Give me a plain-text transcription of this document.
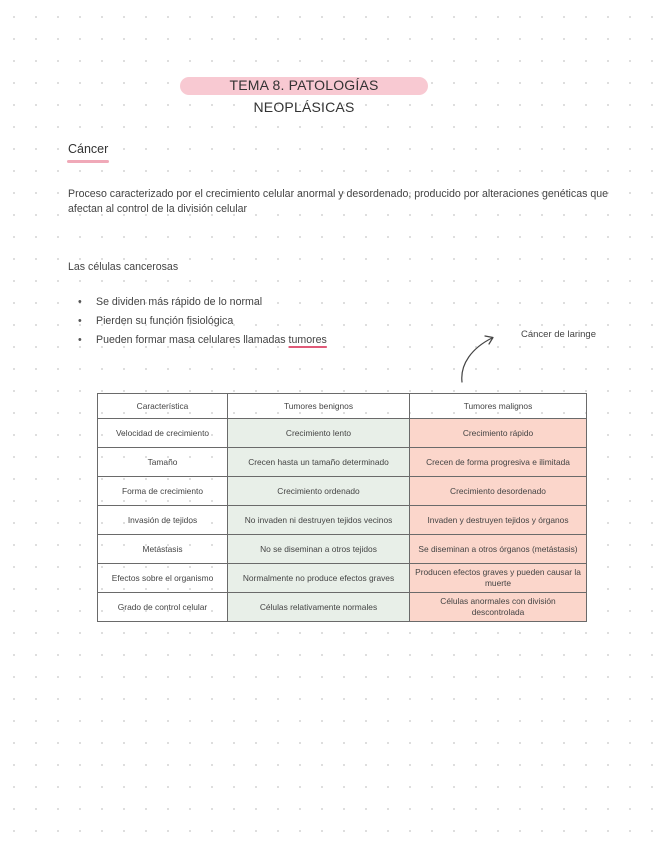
TEMA 8. PATOLOGÍAS NEOPLÁSICAS
Cáncer
Proceso caracterizado por el crecimiento celular anormal y desordenado, producido por alteraciones genéticas que afectan al control de la división celular
Las células cancerosas
• Se dividen más rápido de lo normal
• Pierden su función fisiológica
• Pueden formar masa celulares llamadas tumores	Cáncer de laringe
Característica	Tumores benignos	Tumores malignos
Velocidad de crecimiento	Crecimiento lento	Crecimiento rápido
Tamaño	Crecen hasta un tamaño determinado	Crecen de forma progresiva e ilimitada
Forma de crecimiento	Crecimiento ordenado	Crecimiento desordenado
Invasión de tejidos	No invaden ni destruyen tejidos vecinos	Invaden y destruyen tejidos y órganos
Metástasis	No se diseminan a otros tejidos	Se diseminan a otros órganos (metástasis)
Efectos sobre el organismo	Normalmente no produce efectos graves	Producen efectos graves y pueden causar la muerte
Grado de control celular	Células relativamente normales	Células anormales con división descontrolada
